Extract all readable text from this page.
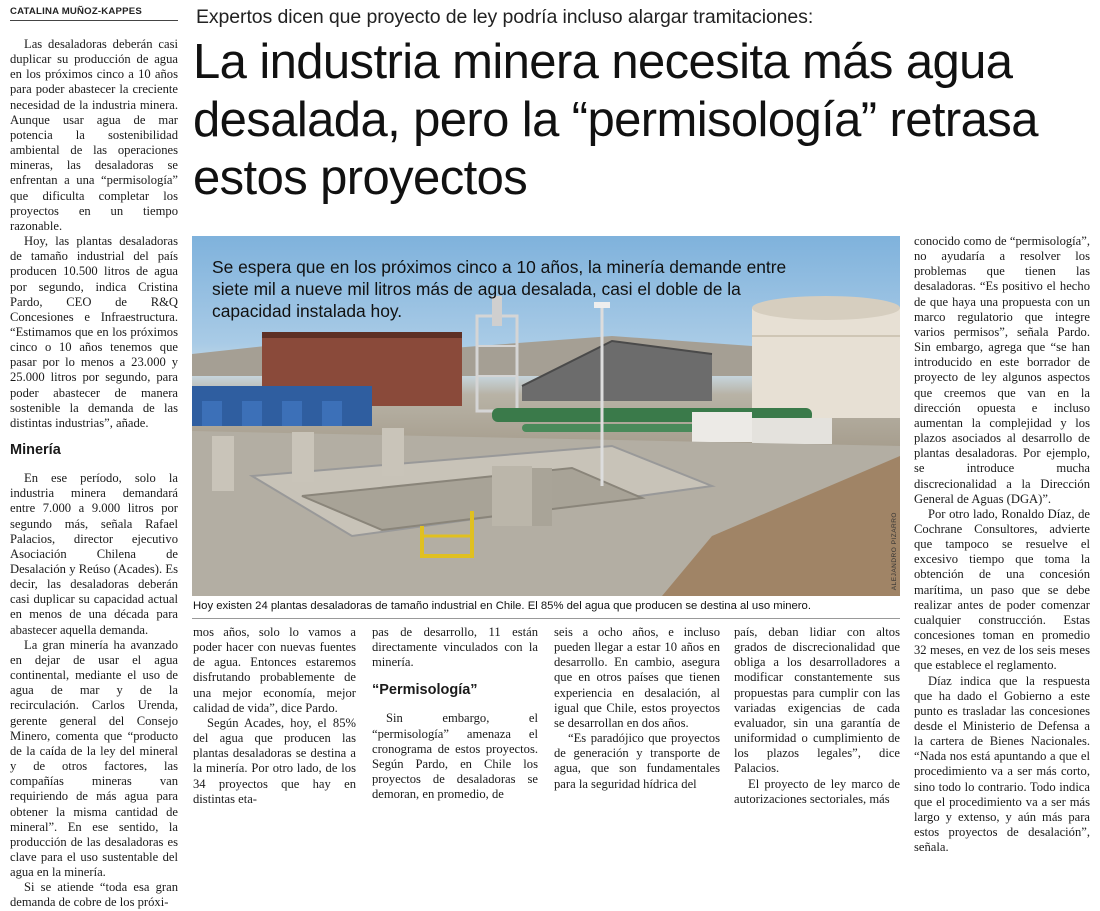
CATALINA MUÑOZ-KAPPES	Expertos dicen que proyecto de ley podría incluso alargar tramitaciones:
La industria minera necesita más agua desalada, pero la “permisología” retrasa estos proyectos

Las desaladoras deberán casi duplicar su producción de agua en los próximos cinco a 10 años para poder abastecer la creciente necesidad de la industria minera. Aunque usar agua de mar potencia la sostenibilidad ambiental de las operaciones mineras, las desaladoras se enfrentan a una “permisología” que dificulta completar los proyectos en un tiempo razonable.

Hoy, las plantas desaladoras de tamaño industrial del país producen 10.500 litros de agua por segundo, indica Cristina Pardo, CEO de R&Q Concesiones e Infraestructura. “Estimamos que en los próximos cinco o 10 años tenemos que pasar por lo menos a 23.000 y 25.000 litros por segundo, para poder abastecer de manera sostenible la demanda de las distintas industrias”, añade.

Minería

En ese período, solo la industria minera demandará entre 7.000 a 9.000 litros por segundo más, señala Rafael Palacios, director ejecutivo Asociación Chilena de Desalación y Reúso (Acades). Es decir, las desaladoras deberán casi duplicar su capacidad actual en menos de una década para abastecer aquella demanda.

La gran minería ha avanzado en dejar de usar el agua continental, mediante el uso de agua de mar y de la recirculación. Carlos Urenda, gerente general del Consejo Minero, comenta que “producto de la caída de la ley del mineral y de otros factores, las compañías mineras van requiriendo de más agua para obtener la misma cantidad de mineral”. En ese sentido, la producción de las desaladoras es clave para el uso sustentable del agua en la minería.

Si se atiende “toda esa gran demanda de cobre de los próxi-

Se espera que en los próximos cinco a 10 años, la minería demande entre siete mil a nueve mil litros más de agua desalada, casi el doble de la capacidad instalada hoy.
ALEJANDRO PIZARRO
Hoy existen 24 plantas desaladoras de tamaño industrial en Chile. El 85% del agua que producen se destina al uso minero.

mos años, solo lo vamos a poder hacer con nuevas fuentes de agua. Entonces estaremos disfrutando probablemente de una mejor economía, mejor calidad de vida”, dice Pardo.

Según Acades, hoy, el 85% del agua que producen las plantas desaladoras se destina a la minería. Por otro lado, de los 34 proyectos que hay en distintas eta-

pas de desarrollo, 11 están directamente vinculados con la minería.

“Permisología”

Sin embargo, el “permisología” amenaza el cronograma de estos proyectos. Según Pardo, en Chile los proyectos de desaladoras se demoran, en promedio, de

seis a ocho años, e incluso pueden llegar a estar 10 años en desarrollo. En cambio, asegura que en otros países que tienen experiencia en desalación, al igual que Chile, estos proyectos se desarrollan en dos años.

“Es paradójico que proyectos de generación y transporte de agua, que son fundamentales para la seguridad hídrica del

país, deban lidiar con altos grados de discrecionalidad que obliga a los desarrolladores a modificar constantemente sus propuestas para cumplir con las variadas exigencias de cada evaluador, sin una garantía de uniformidad o cumplimiento de los plazos legales”, dice Palacios.

El proyecto de ley marco de autorizaciones sectoriales, más

conocido como de “permisología”, no ayudaría a resolver los problemas que tienen las desaladoras. “Es positivo el hecho de que haya una propuesta con un marco regulatorio que integre varios permisos”, señala Pardo. Sin embargo, agrega que “se han introducido en este borrador de proyecto de ley algunos aspectos que creemos que van en la dirección opuesta e incluso aumentan la complejidad y los plazos asociados al desarrollo de plantas desaladoras. Por ejemplo, se introduce mucha discrecionalidad a la Dirección General de Aguas (DGA)”.

Por otro lado, Ronaldo Díaz, de Cochrane Consultores, advierte que tampoco se resuelve el excesivo tiempo que toma la obtención de una concesión marítima, un paso que se debe realizar antes de poder comenzar cualquier construcción. Estas concesiones toman en promedio 32 meses, en vez de los seis meses que establece el reglamento.

Díaz indica que la respuesta que ha dado el Gobierno a este punto es trasladar las concesiones desde el Ministerio de Defensa a la cartera de Bienes Nacionales. “Nada nos está apuntando a que el procedimiento va a ser más corto, sino todo lo contrario. Todo indica que el procedimiento va a ser más largo y extenso, y aún más para estos proyectos de desalación”, señala.
